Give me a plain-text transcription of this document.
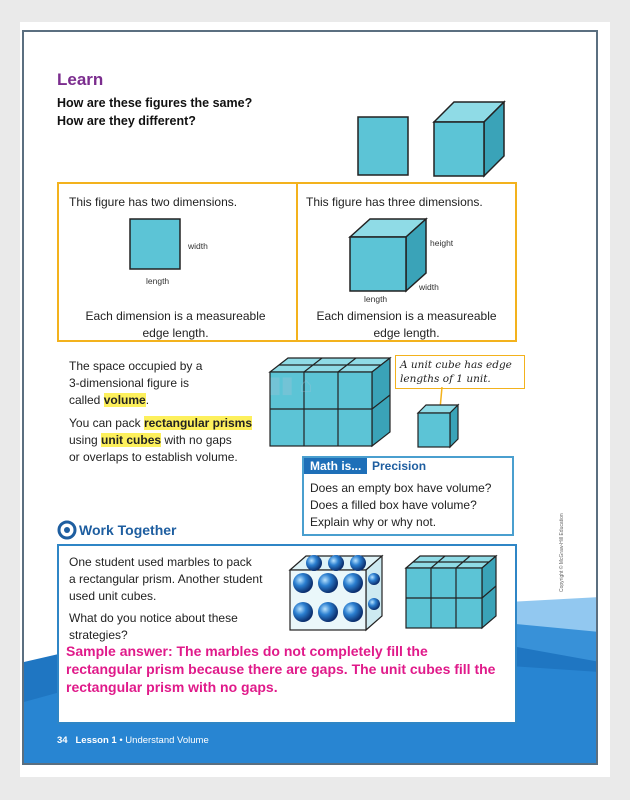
Learn
How are these figures the same?
How are they different?
This figure has two dimensions.
width
length
Each dimension is a measureable
edge length.
This figure has three dimensions.
height
width
length
Each dimension is a measureable
edge length.
The space occupied by a
3-dimensional figure is
called volume.
You can pack rectangular prisms
using unit cubes with no gaps
or overlaps to establish volume.
▮▮ ⌂
A unit cube has edge
lengths of 1 unit.
Math is... Precision
Does an empty box have volume?
Does a filled box have volume?
Explain why or why not.
Work Together
One student used marbles to pack
a rectangular prism. Another student
used unit cubes.
What do you notice about these
strategies?
Sample answer: The marbles do not completely fill the rectangular prism because there are gaps. The unit cubes fill the rectangular prism with no gaps.
Copyright © McGraw-Hill Education
34 Lesson 1 • Understand Volume
